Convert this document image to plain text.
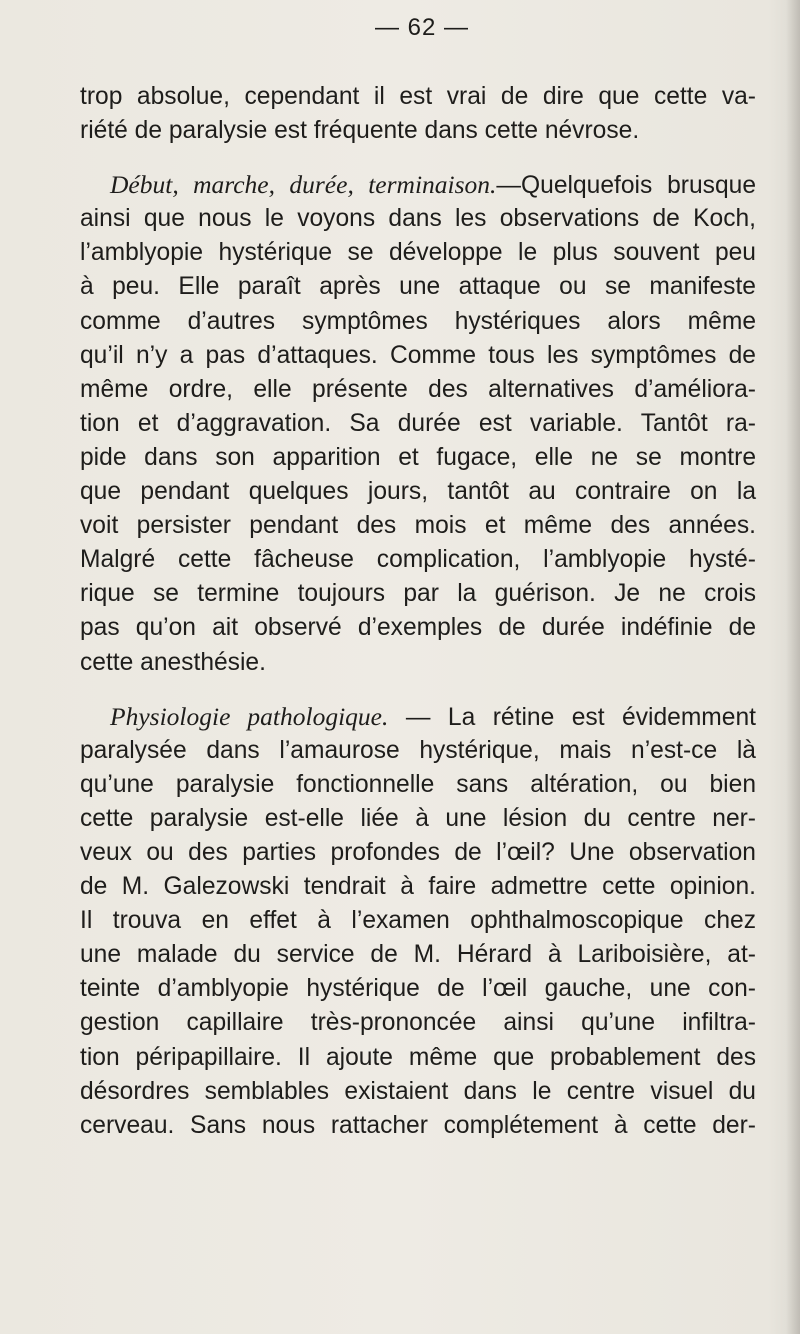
— 62 —
trop absolue, cependant il est vrai de dire que cette va-
riété de paralysie est fréquente dans cette névrose.
Début, marche, durée, terminaison.—Quelquefois brusque
ainsi que nous le voyons dans les observations de Koch,
l’amblyopie hystérique se développe le plus souvent peu
à peu. Elle paraît après une attaque ou se manifeste
comme d’autres symptômes hystériques alors même
qu’il n’y a pas d’attaques. Comme tous les symptômes de
même ordre, elle présente des alternatives d’améliora-
tion et d’aggravation. Sa durée est variable. Tantôt ra-
pide dans son apparition et fugace, elle ne se montre
que pendant quelques jours, tantôt au contraire on la
voit persister pendant des mois et même des années.
Malgré cette fâcheuse complication, l’amblyopie hysté-
rique se termine toujours par la guérison. Je ne crois
pas qu’on ait observé d’exemples de durée indéfinie de
cette anesthésie.
Physiologie pathologique. — La rétine est évidemment
paralysée dans l’amaurose hystérique, mais n’est-ce là
qu’une paralysie fonctionnelle sans altération, ou bien
cette paralysie est-elle liée à une lésion du centre ner-
veux ou des parties profondes de l’œil? Une observation
de M. Galezowski tendrait à faire admettre cette opinion.
Il trouva en effet à l’examen ophthalmoscopique chez
une malade du service de M. Hérard à Lariboisière, at-
teinte d’amblyopie hystérique de l’œil gauche, une con-
gestion capillaire très-prononcée ainsi qu’une infiltra-
tion péripapillaire. Il ajoute même que probablement des
désordres semblables existaient dans le centre visuel du
cerveau. Sans nous rattacher complétement à cette der-
